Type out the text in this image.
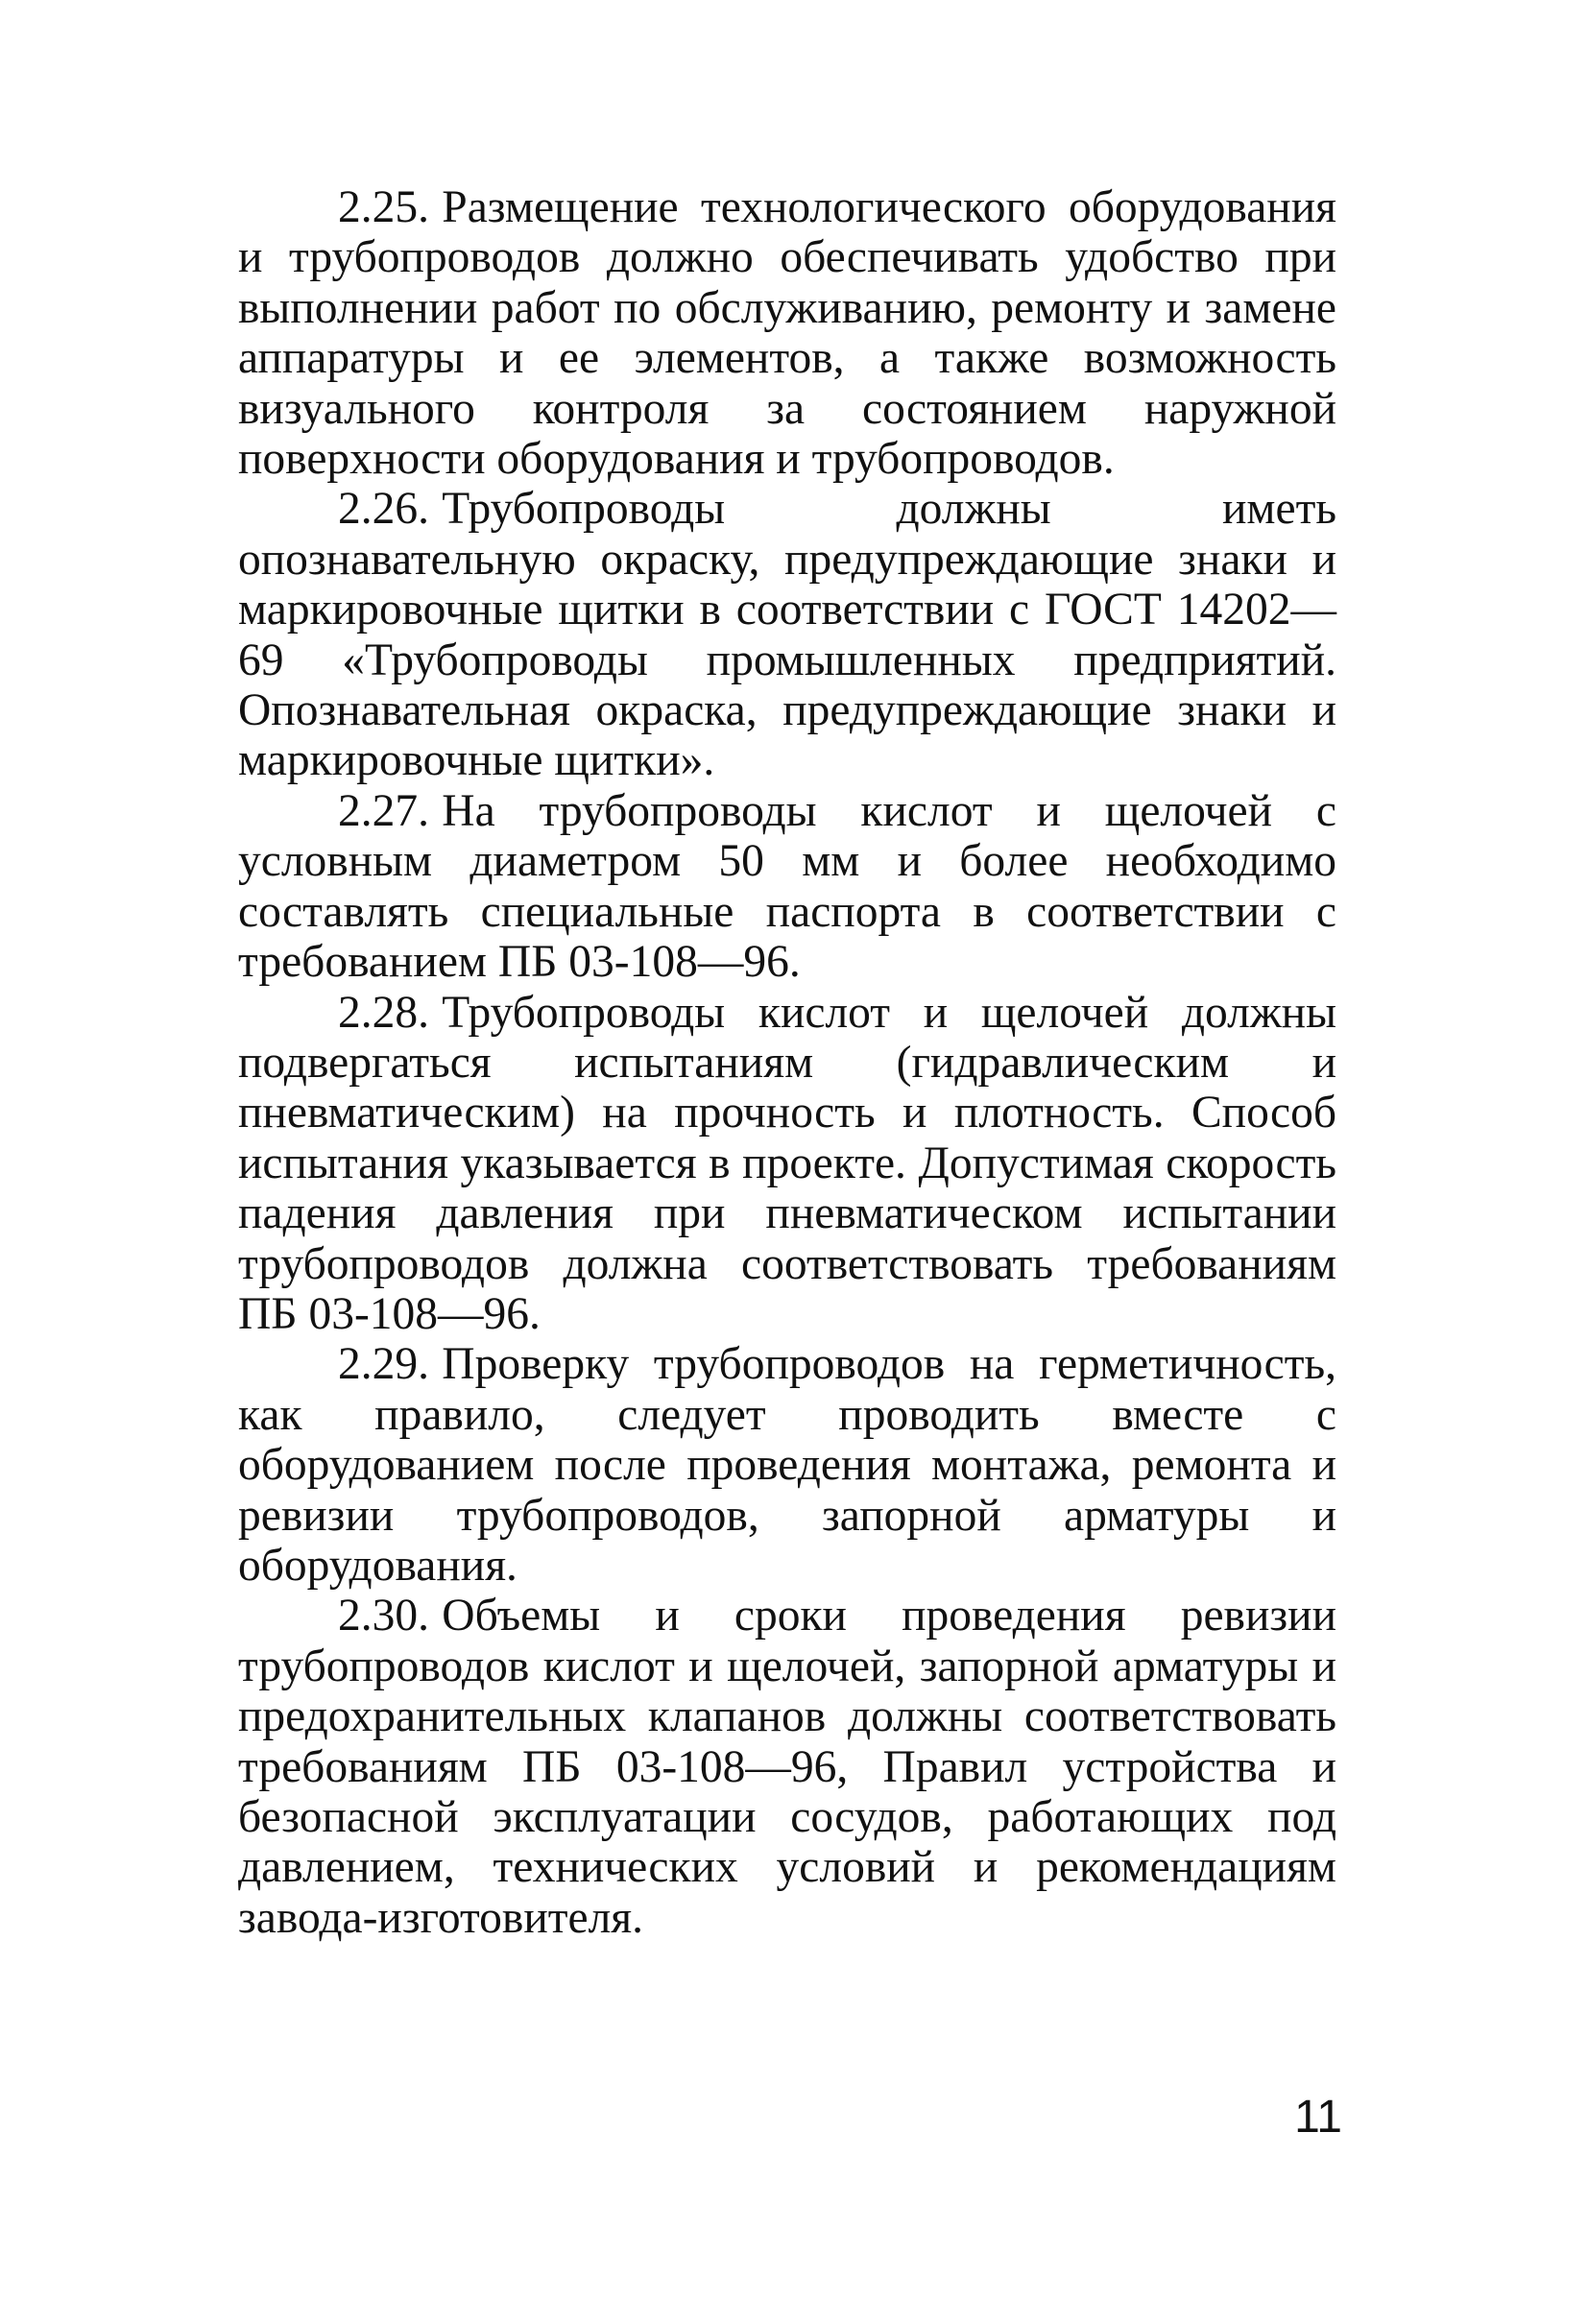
2.25. Размещение технологического оборудования и трубопроводов должно обеспечивать удобство при выполнении работ по обслуживанию, ремонту и замене аппаратуры и ее элементов, а также возможность визуального контроля за состоянием наружной поверхности оборудования и трубопроводов.

2.26. Трубопроводы должны иметь опознавательную окраску, предупреждающие знаки и маркировочные щитки в соответствии с ГОСТ 14202—69 «Трубопроводы промышленных предприятий. Опознавательная окраска, предупреждающие знаки и маркировочные щитки».

2.27. На трубопроводы кислот и щелочей с условным диаметром 50 мм и более необходимо составлять специальные паспорта в соответствии с требованием ПБ 03-108—96.

2.28. Трубопроводы кислот и щелочей должны подвергаться испытаниям (гидравлическим и пневматическим) на прочность и плотность. Способ испытания указывается в проекте. Допустимая скорость падения давления при пневматическом испытании трубопроводов должна соответствовать требованиям ПБ 03-108—96.

2.29. Проверку трубопроводов на герметичность, как правило, следует проводить вместе с оборудованием после проведения монтажа, ремонта и ревизии трубопроводов, запорной арматуры и оборудования.

2.30. Объемы и сроки проведения ревизии трубопроводов кислот и щелочей, запорной арматуры и предохранительных клапанов должны соответствовать требованиям ПБ 03-108—96, Правил устройства и безопасной эксплуатации сосудов, работающих под давлением, технических условий и рекомендациям завода-изготовителя.

11
